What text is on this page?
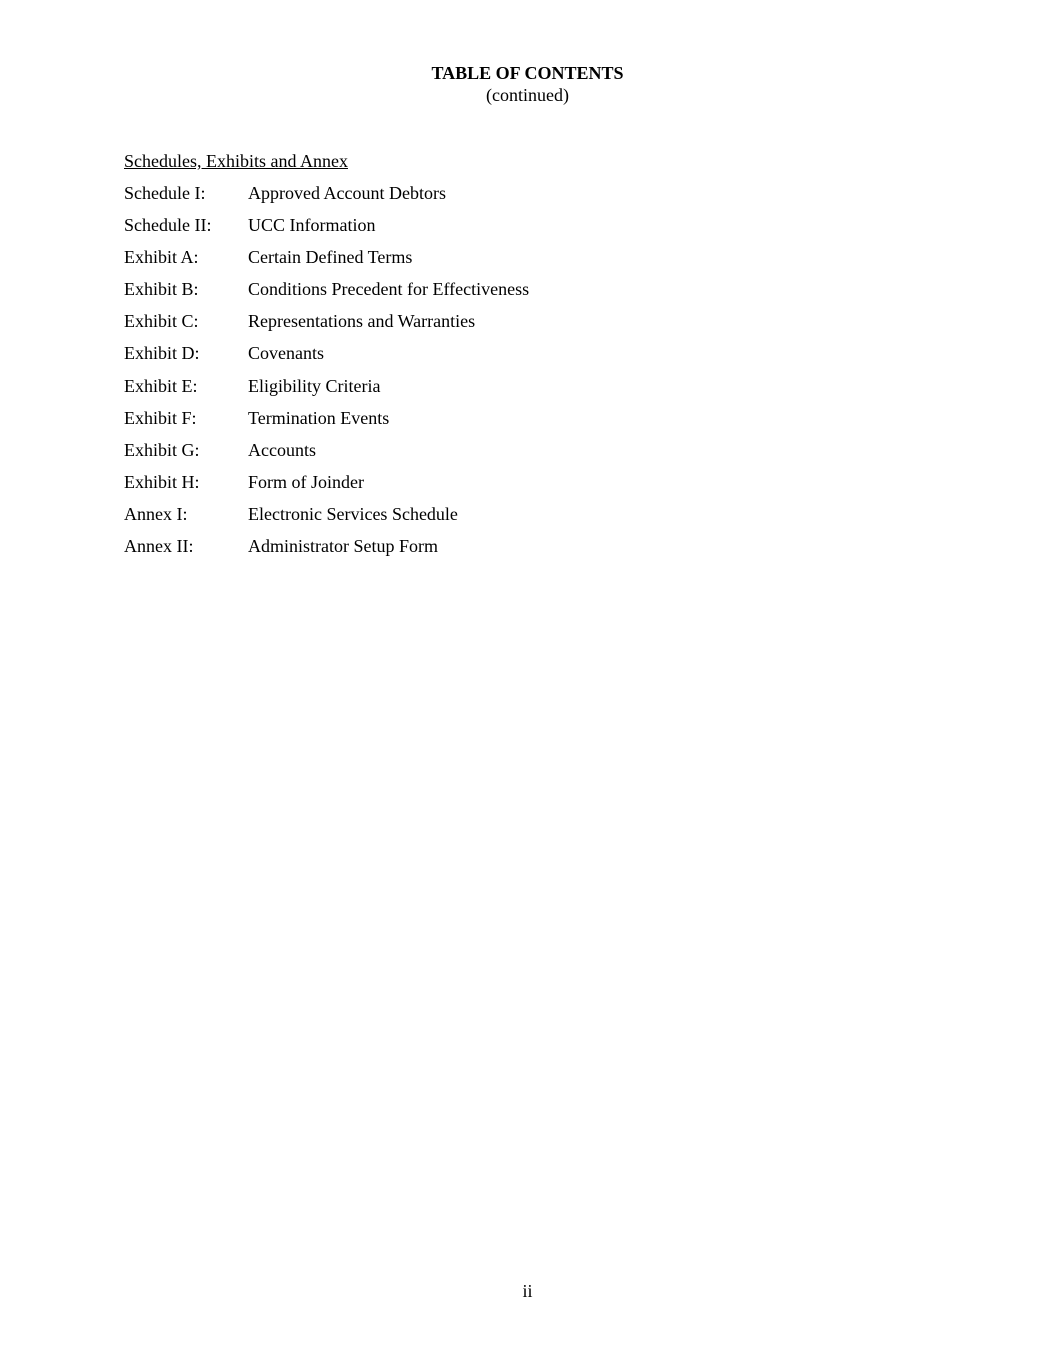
TABLE OF CONTENTS
(continued)
Schedules, Exhibits and Annex
Schedule I:	Approved Account Debtors
Schedule II:	UCC Information
Exhibit A:	Certain Defined Terms
Exhibit B:	Conditions Precedent for Effectiveness
Exhibit C:	Representations and Warranties
Exhibit D:	Covenants
Exhibit E:	Eligibility Criteria
Exhibit F:	Termination Events
Exhibit G:	Accounts
Exhibit H:	Form of Joinder
Annex I:	Electronic Services Schedule
Annex II:	Administrator Setup Form
ii
